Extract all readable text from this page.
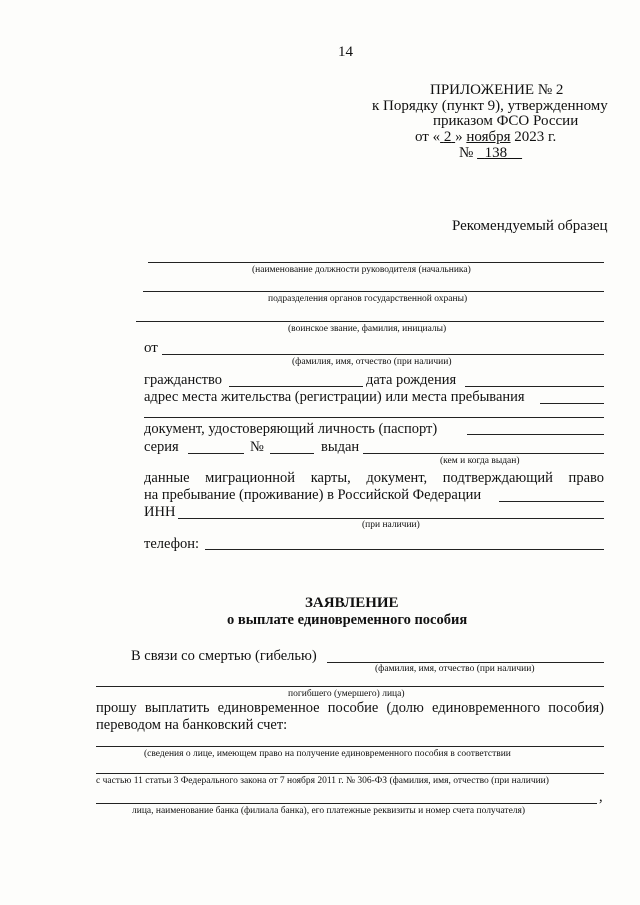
14
ПРИЛОЖЕНИЕ № 2
к Порядку (пункт 9), утвержденному
приказом ФСО России
от « 2 » ноября 2023 г.
№ 138
Рекомендуемый образец
(наименование должности руководителя (начальника)
подразделения органов государственной охраны)
(воинское звание, фамилия, инициалы)
от
(фамилия, имя, отчество (при наличии)
гражданство	дата рождения
адрес места жительства (регистрации) или места пребывания
документ, удостоверяющий личность (паспорт)
серия	№	выдан
(кем и когда выдан)
данные миграционной карты, документ, подтверждающий право
на пребывание (проживание) в Российской Федерации
ИНН
(при наличии)
телефон:
ЗАЯВЛЕНИЕ
о выплате единовременного пособия
В связи со смертью (гибелью)
(фамилия, имя, отчество (при наличии)
погибшего (умершего) лица)
прошу выплатить единовременное пособие (долю единовременного пособия)
переводом на банковский счет:
(сведения о лице, имеющем право на получение единовременного пособия в соответствии
с частью 11 статьи 3 Федерального закона от 7 ноября 2011 г. № 306-ФЗ (фамилия, имя, отчество (при наличии)
,
лица, наименование банка (филиала банка), его платежные реквизиты и номер счета получателя)
